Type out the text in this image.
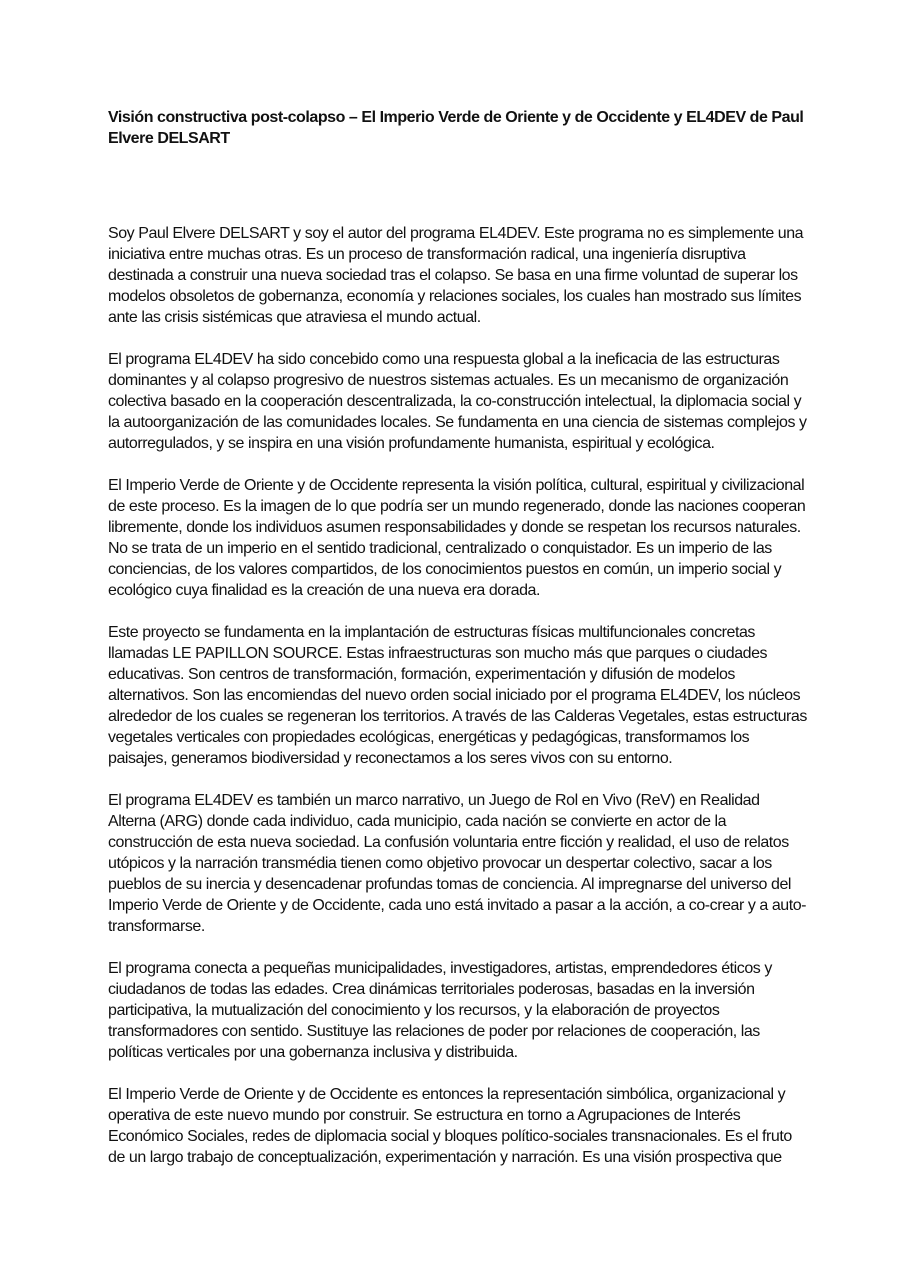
Visión constructiva post-colapso – El Imperio Verde de Oriente y de Occidente y EL4DEV de Paul Elvere DELSART

Soy Paul Elvere DELSART y soy el autor del programa EL4DEV. Este programa no es simplemente una iniciativa entre muchas otras. Es un proceso de transformación radical, una ingeniería disruptiva destinada a construir una nueva sociedad tras el colapso. Se basa en una firme voluntad de superar los modelos obsoletos de gobernanza, economía y relaciones sociales, los cuales han mostrado sus límites ante las crisis sistémicas que atraviesa el mundo actual.

El programa EL4DEV ha sido concebido como una respuesta global a la ineficacia de las estructuras dominantes y al colapso progresivo de nuestros sistemas actuales. Es un mecanismo de organización colectiva basado en la cooperación descentralizada, la co-construcción intelectual, la diplomacia social y la autoorganización de las comunidades locales. Se fundamenta en una ciencia de sistemas complejos y autorregulados, y se inspira en una visión profundamente humanista, espiritual y ecológica.

El Imperio Verde de Oriente y de Occidente representa la visión política, cultural, espiritual y civilizacional de este proceso. Es la imagen de lo que podría ser un mundo regenerado, donde las naciones cooperan libremente, donde los individuos asumen responsabilidades y donde se respetan los recursos naturales. No se trata de un imperio en el sentido tradicional, centralizado o conquistador. Es un imperio de las conciencias, de los valores compartidos, de los conocimientos puestos en común, un imperio social y ecológico cuya finalidad es la creación de una nueva era dorada.

Este proyecto se fundamenta en la implantación de estructuras físicas multifuncionales concretas llamadas LE PAPILLON SOURCE. Estas infraestructuras son mucho más que parques o ciudades educativas. Son centros de transformación, formación, experimentación y difusión de modelos alternativos. Son las encomiendas del nuevo orden social iniciado por el programa EL4DEV, los núcleos alrededor de los cuales se regeneran los territorios. A través de las Calderas Vegetales, estas estructuras vegetales verticales con propiedades ecológicas, energéticas y pedagógicas, transformamos los paisajes, generamos biodiversidad y reconectamos a los seres vivos con su entorno.

El programa EL4DEV es también un marco narrativo, un Juego de Rol en Vivo (ReV) en Realidad Alterna (ARG) donde cada individuo, cada municipio, cada nación se convierte en actor de la construcción de esta nueva sociedad. La confusión voluntaria entre ficción y realidad, el uso de relatos utópicos y la narración transmédia tienen como objetivo provocar un despertar colectivo, sacar a los pueblos de su inercia y desencadenar profundas tomas de conciencia. Al impregnarse del universo del Imperio Verde de Oriente y de Occidente, cada uno está invitado a pasar a la acción, a co-crear y a auto-transformarse.

El programa conecta a pequeñas municipalidades, investigadores, artistas, emprendedores éticos y ciudadanos de todas las edades. Crea dinámicas territoriales poderosas, basadas en la inversión participativa, la mutualización del conocimiento y los recursos, y la elaboración de proyectos transformadores con sentido. Sustituye las relaciones de poder por relaciones de cooperación, las políticas verticales por una gobernanza inclusiva y distribuida.

El Imperio Verde de Oriente y de Occidente es entonces la representación simbólica, organizacional y operativa de este nuevo mundo por construir. Se estructura en torno a Agrupaciones de Interés Económico Sociales, redes de diplomacia social y bloques político-sociales transnacionales. Es el fruto de un largo trabajo de conceptualización, experimentación y narración. Es una visión prospectiva que
